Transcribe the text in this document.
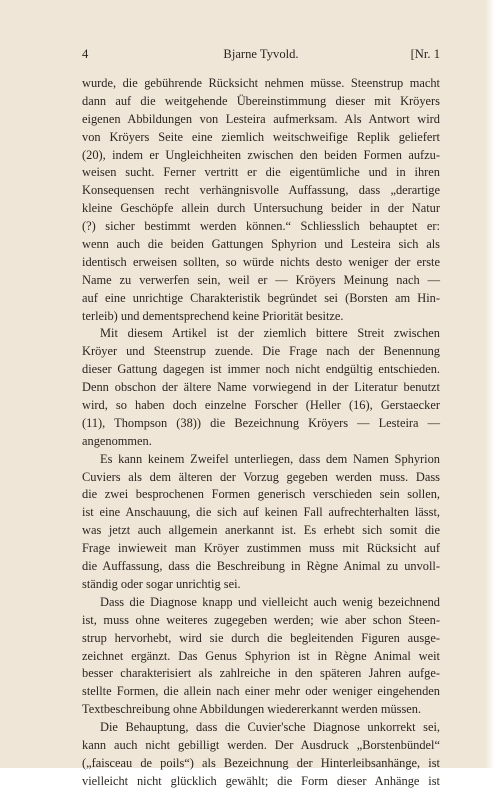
4	Bjarne Tyvold.	[Nr. 1
wurde, die gebührende Rücksicht nehmen müsse. Steenstrup macht
dann auf die weitgehende Übereinstimmung dieser mit Kröyers
eigenen Abbildungen von Lesteira aufmerksam. Als Antwort wird
von Kröyers Seite eine ziemlich weitschweifige Replik geliefert
(20), indem er Ungleichheiten zwischen den beiden Formen aufzu-
weisen sucht. Ferner vertritt er die eigentümliche und in ihren
Konsequensen recht verhängnisvolle Auffassung, dass „derartige
kleine Geschöpfe allein durch Untersuchung beider in der Natur
(?) sicher bestimmt werden können.“ Schliesslich behauptet er:
wenn auch die beiden Gattungen Sphyrion und Lesteira sich als
identisch erweisen sollten, so würde nichts desto weniger der erste
Name zu verwerfen sein, weil er — Kröyers Meinung nach —
auf eine unrichtige Charakteristik begründet sei (Borsten am Hin-
terleib) und dementsprechend keine Priorität besitze.
Mit diesem Artikel ist der ziemlich bittere Streit zwischen
Kröyer und Steenstrup zuende. Die Frage nach der Benennung
dieser Gattung dagegen ist immer noch nicht endgültig entschieden.
Denn obschon der ältere Name vorwiegend in der Literatur benutzt
wird, so haben doch einzelne Forscher (Heller (16), Gerstaecker
(11), Thompson (38)) die Bezeichnung Kröyers — Lesteira —
angenommen.
Es kann keinem Zweifel unterliegen, dass dem Namen Sphyrion
Cuviers als dem älteren der Vorzug gegeben werden muss. Dass
die zwei besprochenen Formen generisch verschieden sein sollen,
ist eine Anschauung, die sich auf keinen Fall aufrechterhalten lässt,
was jetzt auch allgemein anerkannt ist. Es erhebt sich somit die
Frage inwieweit man Kröyer zustimmen muss mit Rücksicht auf
die Auffassung, dass die Beschreibung in Règne Animal zu unvoll-
ständig oder sogar unrichtig sei.
Dass die Diagnose knapp und vielleicht auch wenig bezeichnend
ist, muss ohne weiteres zugegeben werden; wie aber schon Steen-
strup hervorhebt, wird sie durch die begleitenden Figuren ausge-
zeichnet ergänzt. Das Genus Sphyrion ist in Règne Animal weit
besser charakterisiert als zahlreiche in den späteren Jahren aufge-
stellte Formen, die allein nach einer mehr oder weniger eingehenden
Textbeschreibung ohne Abbildungen wiedererkannt werden müssen.
Die Behauptung, dass die Cuvier'sche Diagnose unkorrekt sei,
kann auch nicht gebilligt werden. Der Ausdruck „Borstenbündel“
(„faisceau de poils“) als Bezeichnung der Hinterleibsanhänge, ist
vielleicht nicht glücklich gewählt; die Form dieser Anhänge ist
